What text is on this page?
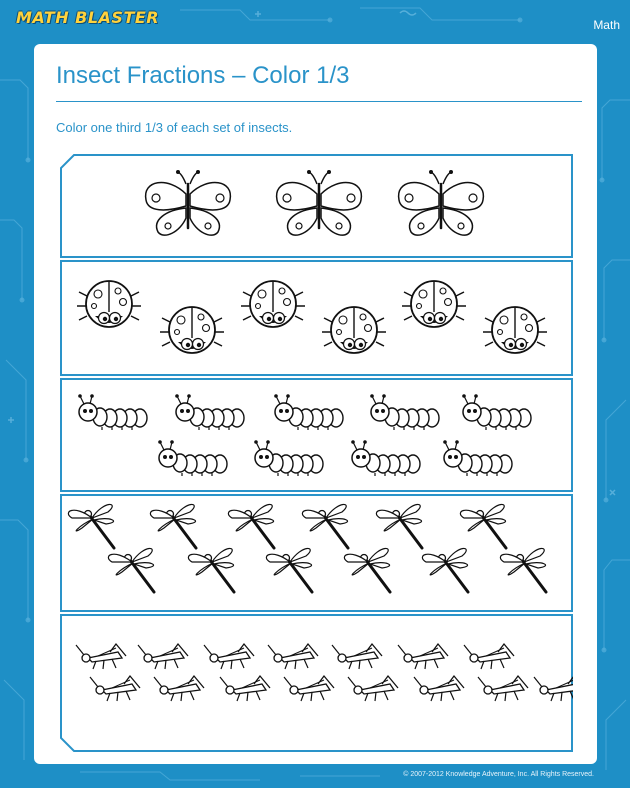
MATH BLASTER	Math
Insect Fractions – Color 1/3
Color one third 1/3 of each set of insects.
© 2007-2012 Knowledge Adventure, Inc. All Rights Reserved.
